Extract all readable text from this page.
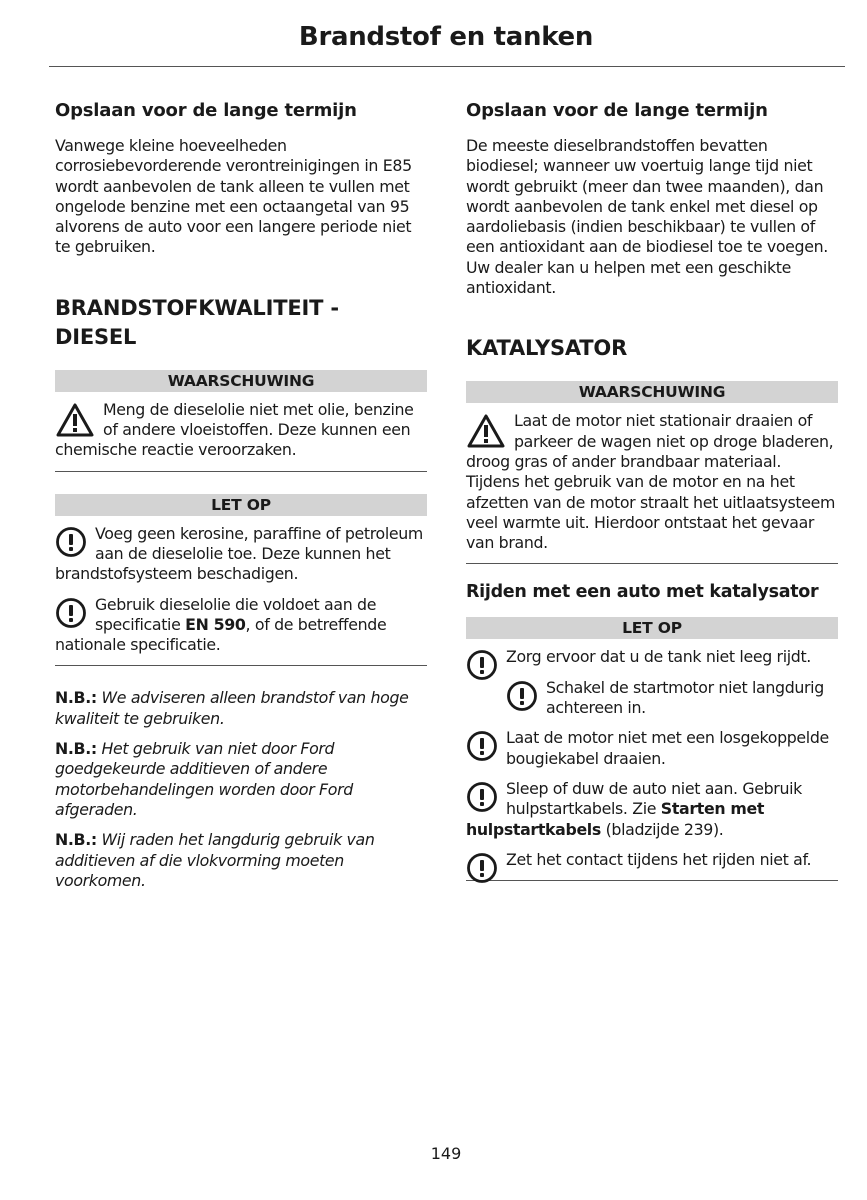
Brandstof en tanken
Opslaan voor de lange termijn
Vanwege kleine hoeveelheden corrosiebevorderende verontreinigingen in E85 wordt aanbevolen de tank alleen te vullen met ongelode benzine met een octaangetal van 95 alvorens de auto voor een langere periode niet te gebruiken.
BRANDSTOFKWALITEIT - DIESEL
WAARSCHUWING
Meng de dieselolie niet met olie, benzine of andere vloeistoffen. Deze kunnen een chemische reactie veroorzaken.
LET OP
Voeg geen kerosine, paraffine of petroleum aan de dieselolie toe. Deze kunnen het brandstofsysteem beschadigen.
Gebruik dieselolie die voldoet aan de specificatie EN 590, of de betreffende nationale specificatie.

N.B.: We adviseren alleen brandstof van hoge kwaliteit te gebruiken.

N.B.: Het gebruik van niet door Ford goedgekeurde additieven of andere motorbehandelingen worden door Ford afgeraden.

N.B.: Wij raden het langdurig gebruik van additieven af die vlokvorming moeten voorkomen.

Opslaan voor de lange termijn
De meeste dieselbrandstoffen bevatten biodiesel; wanneer uw voertuig lange tijd niet wordt gebruikt (meer dan twee maanden), dan wordt aanbevolen de tank enkel met diesel op aardoliebasis (indien beschikbaar) te vullen of een antioxidant aan de biodiesel toe te voegen. Uw dealer kan u helpen met een geschikte antioxidant.
KATALYSATOR
WAARSCHUWING
Laat de motor niet stationair draaien of parkeer de wagen niet op droge bladeren, droog gras of ander brandbaar materiaal. Tijdens het gebruik van de motor en na het afzetten van de motor straalt het uitlaatsysteem veel warmte uit. Hierdoor ontstaat het gevaar van brand.
Rijden met een auto met katalysator
LET OP
Zorg ervoor dat u de tank niet leeg rijdt.
Schakel de startmotor niet langdurig achtereen in.
Laat de motor niet met een losgekoppelde bougiekabel draaien.
Sleep of duw de auto niet aan. Gebruik hulpstartkabels. Zie Starten met hulpstartkabels (bladzijde 239).
Zet het contact tijdens het rijden niet af.
149
